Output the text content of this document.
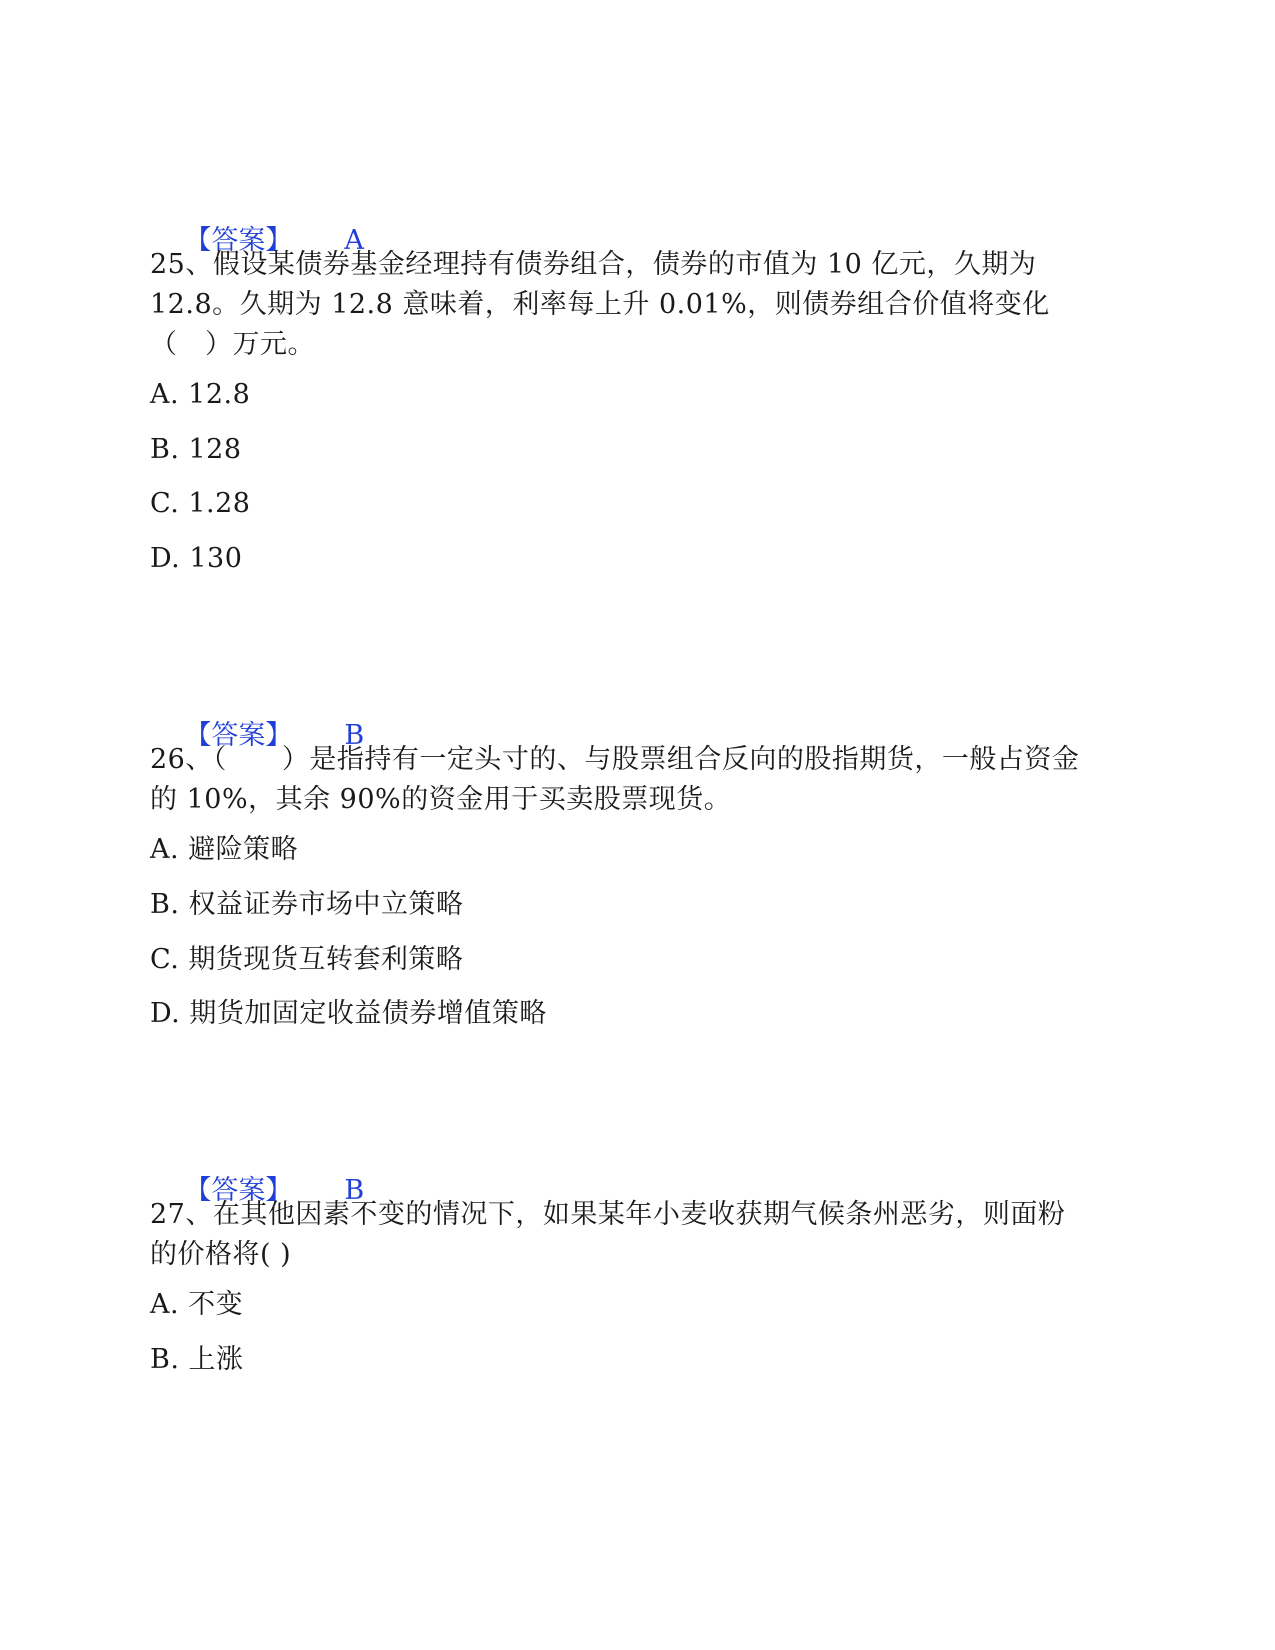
【答案】 A

25、假设某债券基金经理持有债券组合，债券的市值为 10 亿元，久期为 12.8。久期为 12.8 意味着，利率每上升 0.01%，则债券组合价值将变化（　）万元。
A. 12.8
B. 128
C. 1.28
D. 130

【答案】 B

26、（　　）是指持有一定头寸的、与股票组合反向的股指期货，一般占资金的 10%，其余 90%的资金用于买卖股票现货。
A. 避险策略
B. 权益证券市场中立策略
C. 期货现货互转套利策略
D. 期货加固定收益债券增值策略

【答案】 B

27、在其他因素不变的情况下，如果某年小麦收获期气候条州恶劣，则面粉的价格将( )
A. 不变
B. 上涨
